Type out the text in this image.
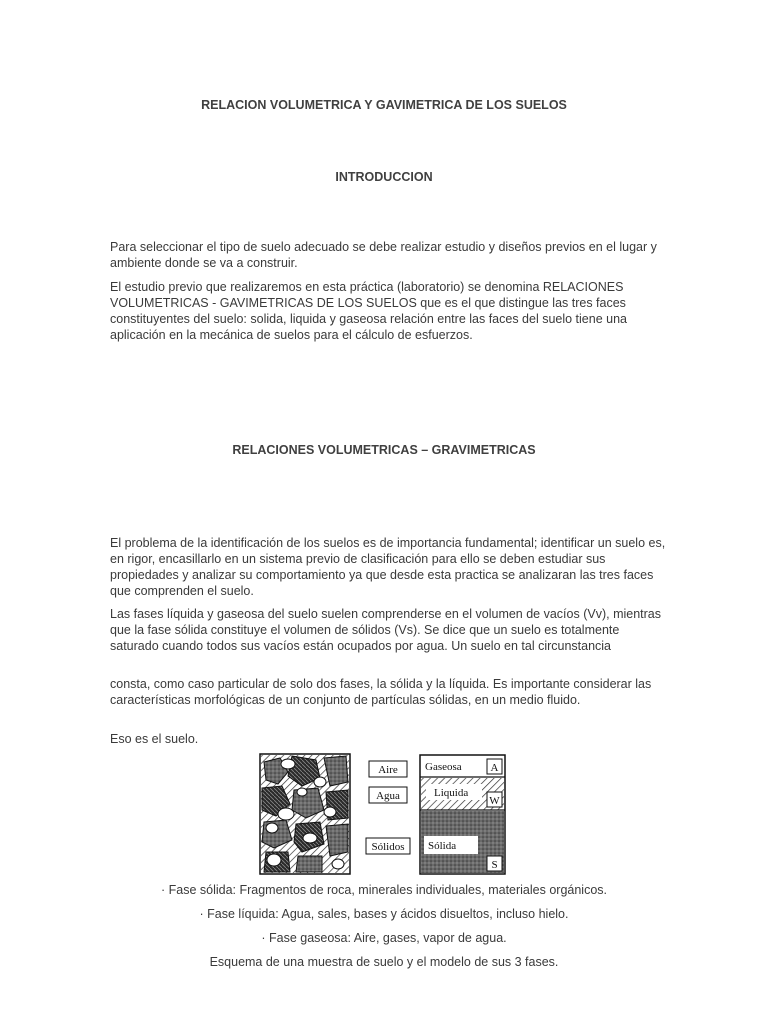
RELACION VOLUMETRICA Y GAVIMETRICA DE LOS SUELOS
INTRODUCCION

Para seleccionar el tipo de suelo adecuado se debe realizar estudio y diseños previos en el lugar y ambiente donde se va a construir.

El estudio previo que realizaremos en esta práctica (laboratorio) se denomina RELACIONES VOLUMETRICAS - GAVIMETRICAS DE LOS SUELOS que es el que distingue las tres faces constituyentes del suelo: solida, liquida y gaseosa relación entre las faces del suelo tiene una aplicación en la mecánica de suelos para el cálculo de esfuerzos.

RELACIONES VOLUMETRICAS – GRAVIMETRICAS

El problema de la identificación de los suelos es de importancia fundamental; identificar un suelo es, en rigor, encasillarlo en un sistema previo de clasificación para ello se deben estudiar sus propiedades y analizar su comportamiento ya que desde esta practica se analizaran las tres faces que comprenden el suelo.

Las fases líquida y gaseosa del suelo suelen comprenderse en el volumen de vacíos (Vv), mientras que la fase sólida constituye el volumen de sólidos (Vs). Se dice que un suelo es totalmente saturado cuando todos sus vacíos están ocupados por agua. Un suelo en tal circunstancia

consta, como caso particular de solo dos fases, la sólida y la líquida. Es importante considerar las características morfológicas de un conjunto de partículas sólidas, en un medio fluido.

Eso es el suelo.

Aire
Agua
Sólidos
Gaseosa
Liquida
Sólida
A
W
S

· Fase sólida: Fragmentos de roca, minerales individuales, materiales orgánicos.

· Fase líquida: Agua, sales, bases y ácidos disueltos, incluso hielo.

· Fase gaseosa: Aire, gases, vapor de agua.

Esquema de una muestra de suelo y el modelo de sus 3 fases.
